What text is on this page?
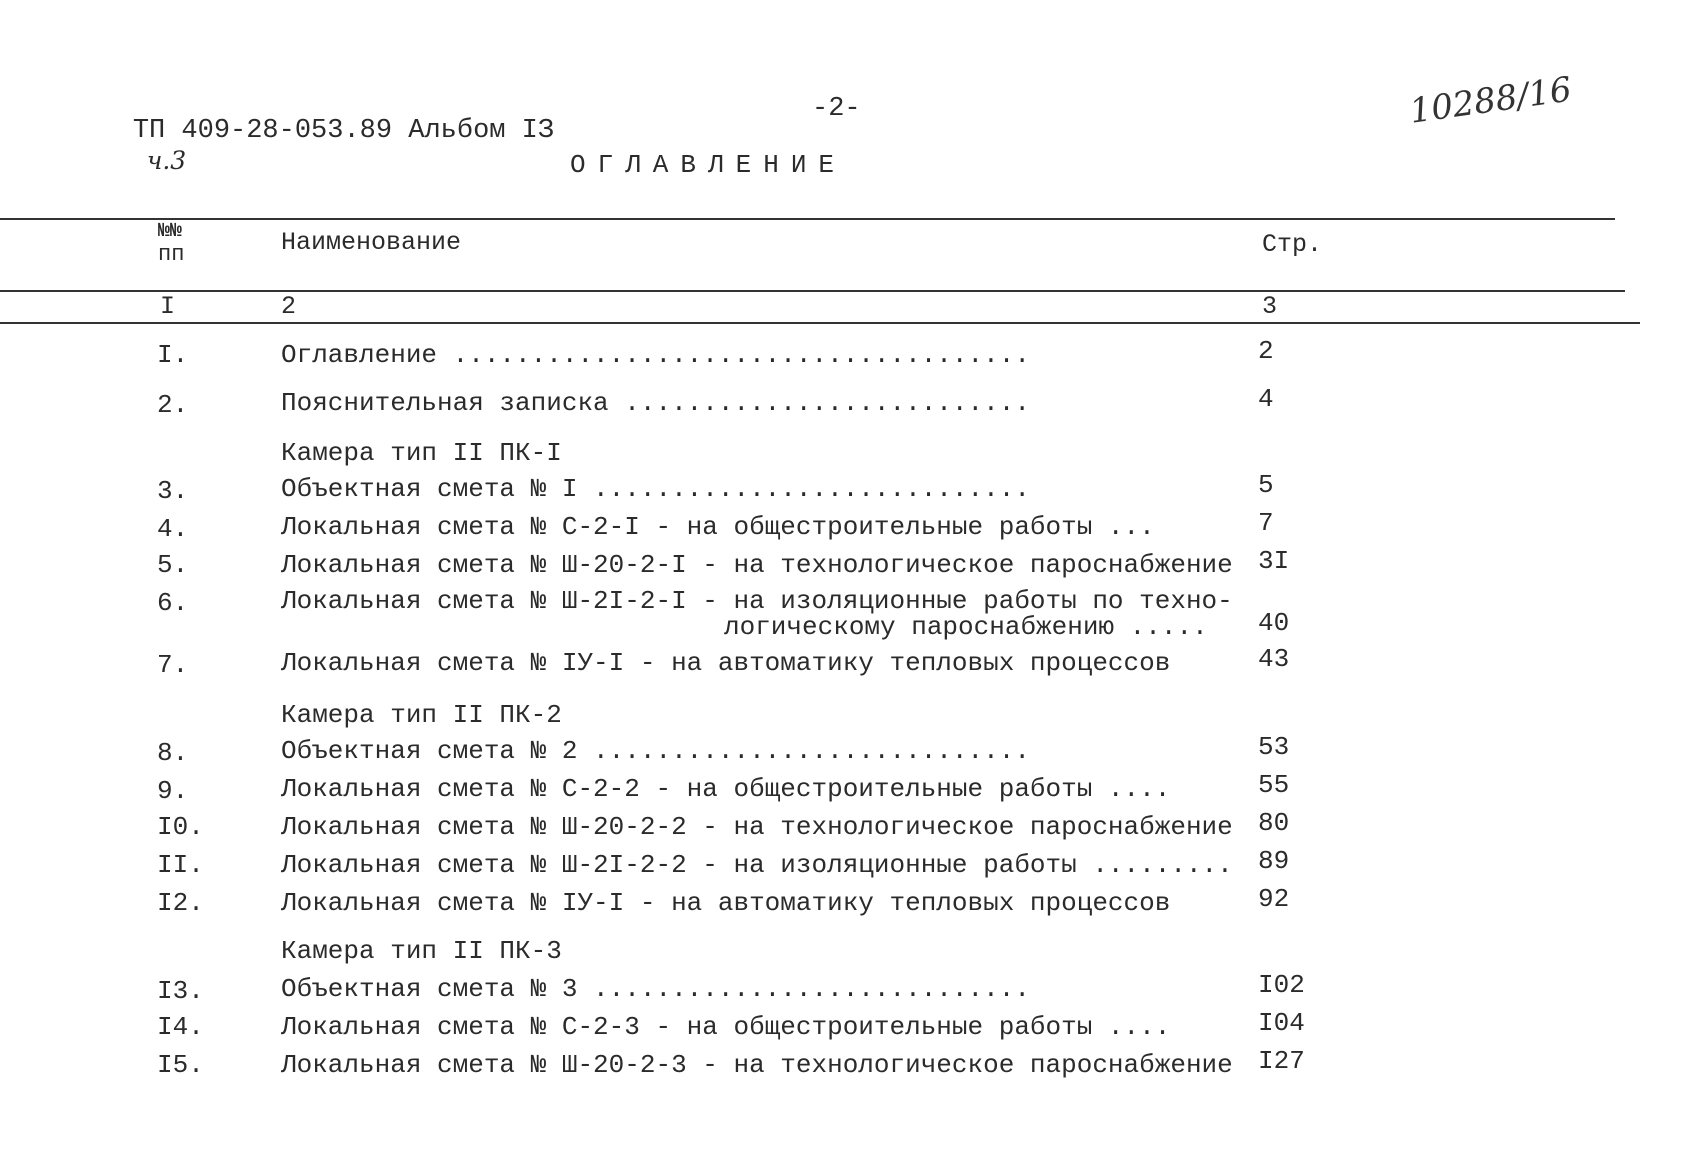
ТП 409-28-053.89 Альбом IЗ
ч.3

-2-	10288/16
ОГЛАВЛЕНИЕ
№№
пп	Наименование	Стр.
I	2	3
I.	Оглавление .....................................	2
2.	Пояснительная записка ..........................	4
Камера тип II ПК-I
3.	Объектная смета № I ............................	5
4.	Локальная смета № С-2-I - на общестроительные работы ...	7
5.	Локальная смета № Ш-20-2-I - на технологическое пароснабжение 3I
6.	Локальная смета № Ш-2I-2-I - на изоляционные работы по техно-
логическому пароснабжению ..... 40
7.	Локальная смета № IУ-I - на автоматику тепловых процессов	43
Камера тип II ПК-2
8.	Объектная смета № 2 ............................	53
9.	Локальная смета № С-2-2 - на общестроительные работы ....	55
I0.	Локальная смета № Ш-20-2-2 - на технологическое пароснабжение 80
II.	Локальная смета № Ш-2I-2-2 - на изоляционные работы ......... 89
I2.	Локальная смета № IУ-I - на автоматику тепловых процессов	92
Камера тип II ПК-3
I3.	Объектная смета № 3 ............................	I02
I4.	Локальная смета № С-2-3 - на общестроительные работы ....	I04
I5.	Локальная смета № Ш-20-2-3 - на технологическое пароснабжение I27
